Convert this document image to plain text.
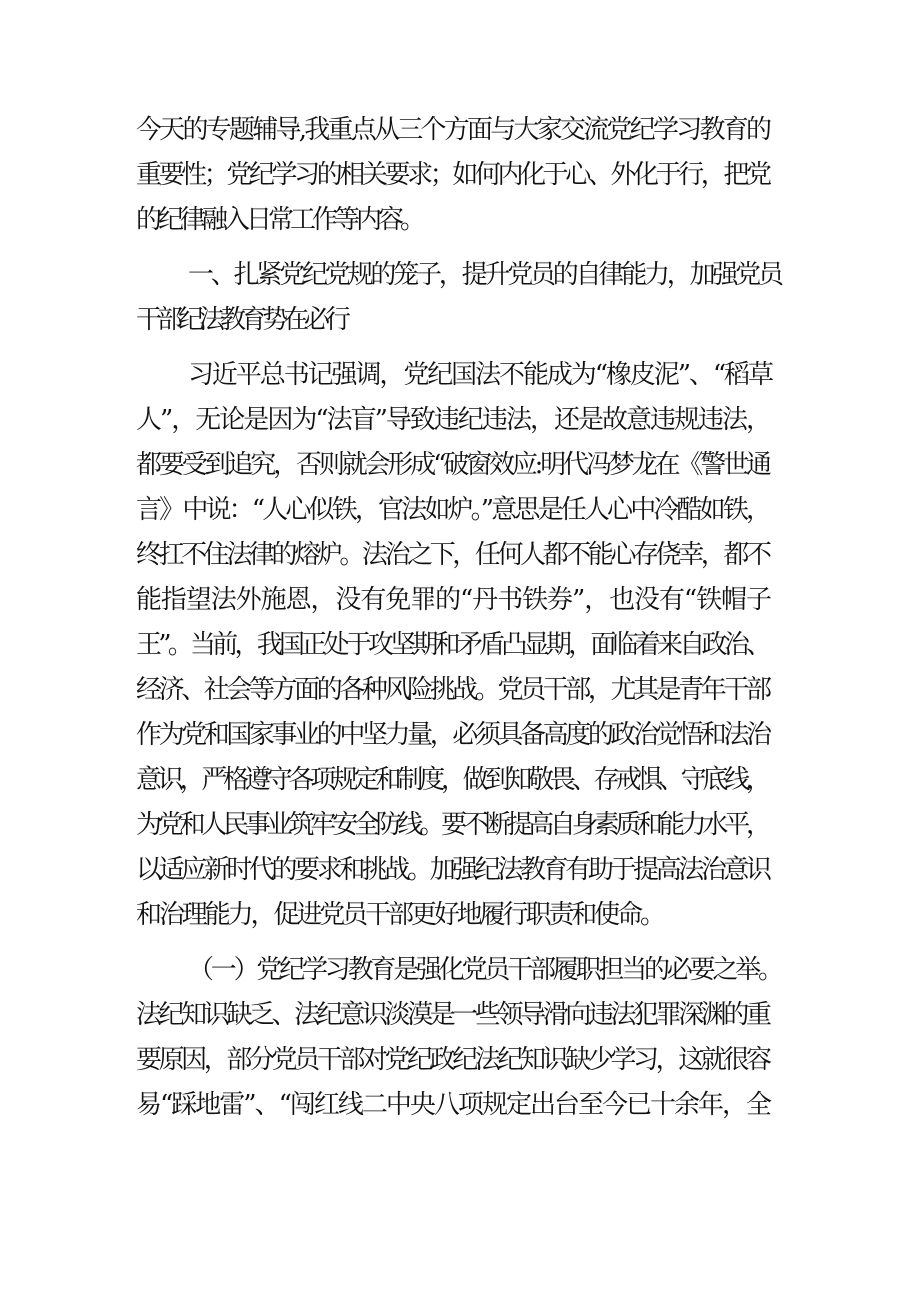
今天的专题辅导,我重点从三个方面与大家交流党纪学习教育的
重要性；党纪学习的相关要求；如何内化于心、外化于行，把党
的纪律融入日常工作等内容。
一、扎紧党纪党规的笼子，提升党员的自律能力，加强党员
干部纪法教育势在必行
习近平总书记强调，党纪国法不能成为“橡皮泥”、“稻草
人”，无论是因为“法盲”导致违纪违法，还是故意违规违法，
都要受到追究，否则就会形成“破窗效应:明代冯梦龙在《警世通
言》中说：“人心似铁，官法如炉。”意思是任人心中冷酷如铁，
终扛不住法律的熔炉。法治之下，任何人都不能心存侥幸，都不
能指望法外施恩，没有免罪的“丹书铁券”，也没有“铁帽子
王”。当前，我国正处于攻坚期和矛盾凸显期，面临着来自政治、
经济、社会等方面的各种风险挑战。党员干部，尤其是青年干部
作为党和国家事业的中坚力量，必须具备高度的政治觉悟和法治
意识，严格遵守各项规定和制度，做到知敬畏、存戒惧、守底线，
为党和人民事业筑牢安全防线。要不断提高自身素质和能力水平，
以适应新时代的要求和挑战。加强纪法教育有助于提高法治意识
和治理能力，促进党员干部更好地履行职责和使命。
（一）党纪学习教育是强化党员干部履职担当的必要之举。
法纪知识缺乏、法纪意识淡漠是一些领导滑向违法犯罪深渊的重
要原因，部分党员干部对党纪政纪法纪知识缺少学习，这就很容
易“踩地雷”、“闯红线二中央八项规定出台至今已十余年，全
